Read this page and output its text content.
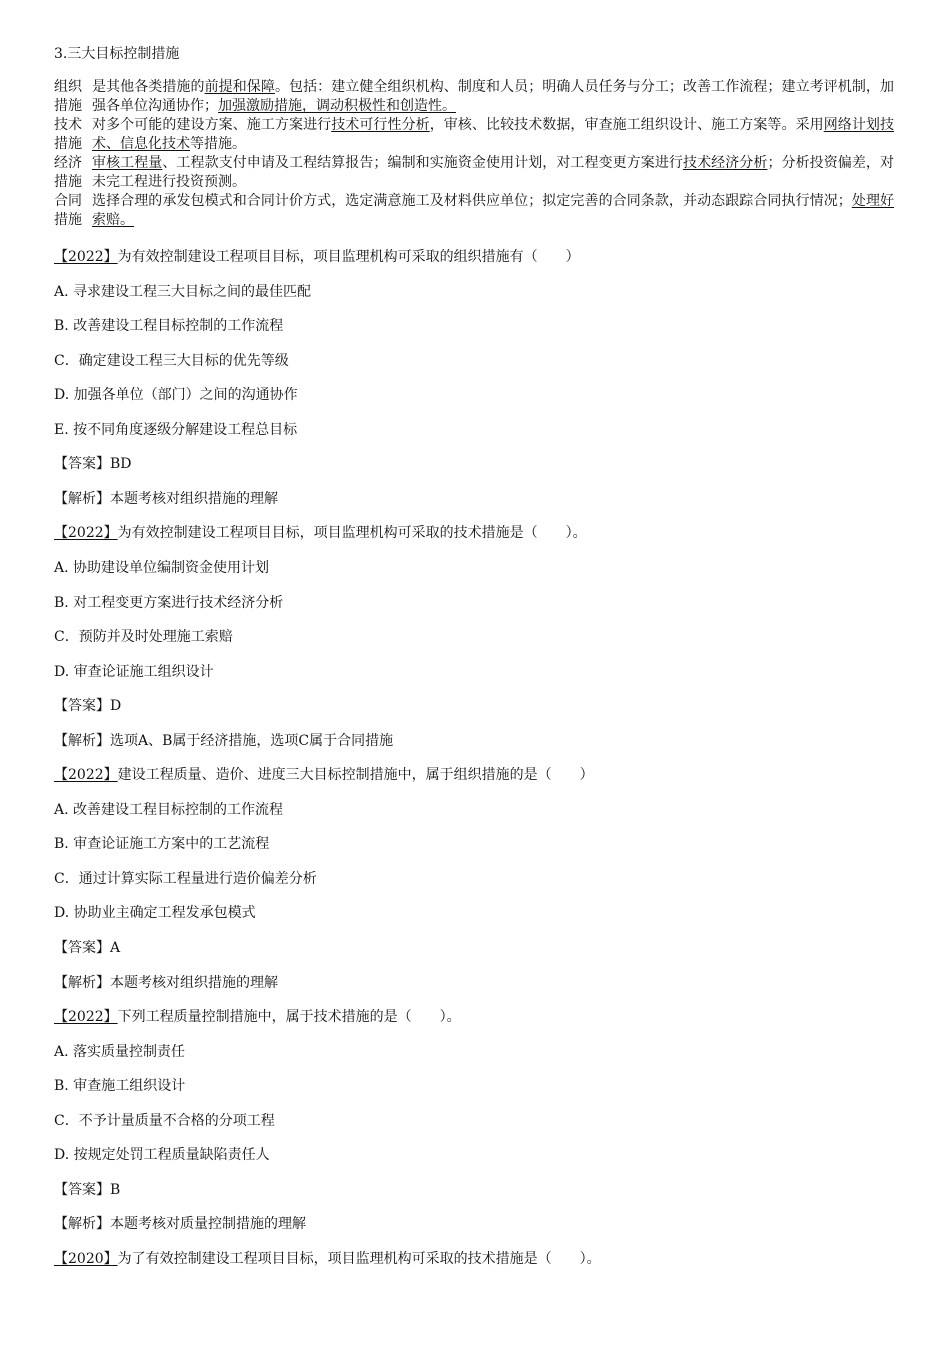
3.三大目标控制措施
组织
措施
是其他各类措施的前提和保障。包括：建立健全组织机构、制度和人员；明确人员任务与分工；改善工作流程；建立考评机制，加强各单位沟通协作；加强激励措施，调动积极性和创造性。
技术
措施
对多个可能的建设方案、施工方案进行技术可行性分析，审核、比较技术数据，审查施工组织设计、施工方案等。采用网络计划技术、信息化技术等措施。
经济
措施
审核工程量、工程款支付申请及工程结算报告；编制和实施资金使用计划，对工程变更方案进行技术经济分析；分析投资偏差，对未完工程进行投资预测。
合同
措施
选择合理的承发包模式和合同计价方式，选定满意施工及材料供应单位；拟定完善的合同条款，并动态跟踪合同执行情况；处理好索赔。
【2022】为有效控制建设工程项目目标，项目监理机构可采取的组织措施有（　　）
A. 寻求建设工程三大目标之间的最佳匹配
B. 改善建设工程目标控制的工作流程
C．确定建设工程三大目标的优先等级
D. 加强各单位（部门）之间的沟通协作
E. 按不同角度逐级分解建设工程总目标
【答案】BD
【解析】本题考核对组织措施的理解
【2022】为有效控制建设工程项目目标，项目监理机构可采取的技术措施是（　　）。
A. 协助建设单位编制资金使用计划
B. 对工程变更方案进行技术经济分析
C．预防并及时处理施工索赔
D. 审查论证施工组织设计
【答案】D
【解析】选项A、B属于经济措施，选项C属于合同措施
【2022】建设工程质量、造价、进度三大目标控制措施中，属于组织措施的是（　　）
A. 改善建设工程目标控制的工作流程
B. 审查论证施工方案中的工艺流程
C．通过计算实际工程量进行造价偏差分析
D. 协助业主确定工程发承包模式
【答案】A
【解析】本题考核对组织措施的理解
【2022】下列工程质量控制措施中，属于技术措施的是（　　）。
A. 落实质量控制责任
B. 审查施工组织设计
C．不予计量质量不合格的分项工程
D. 按规定处罚工程质量缺陷责任人
【答案】B
【解析】本题考核对质量控制措施的理解
【2020】为了有效控制建设工程项目目标，项目监理机构可采取的技术措施是（　　）。
